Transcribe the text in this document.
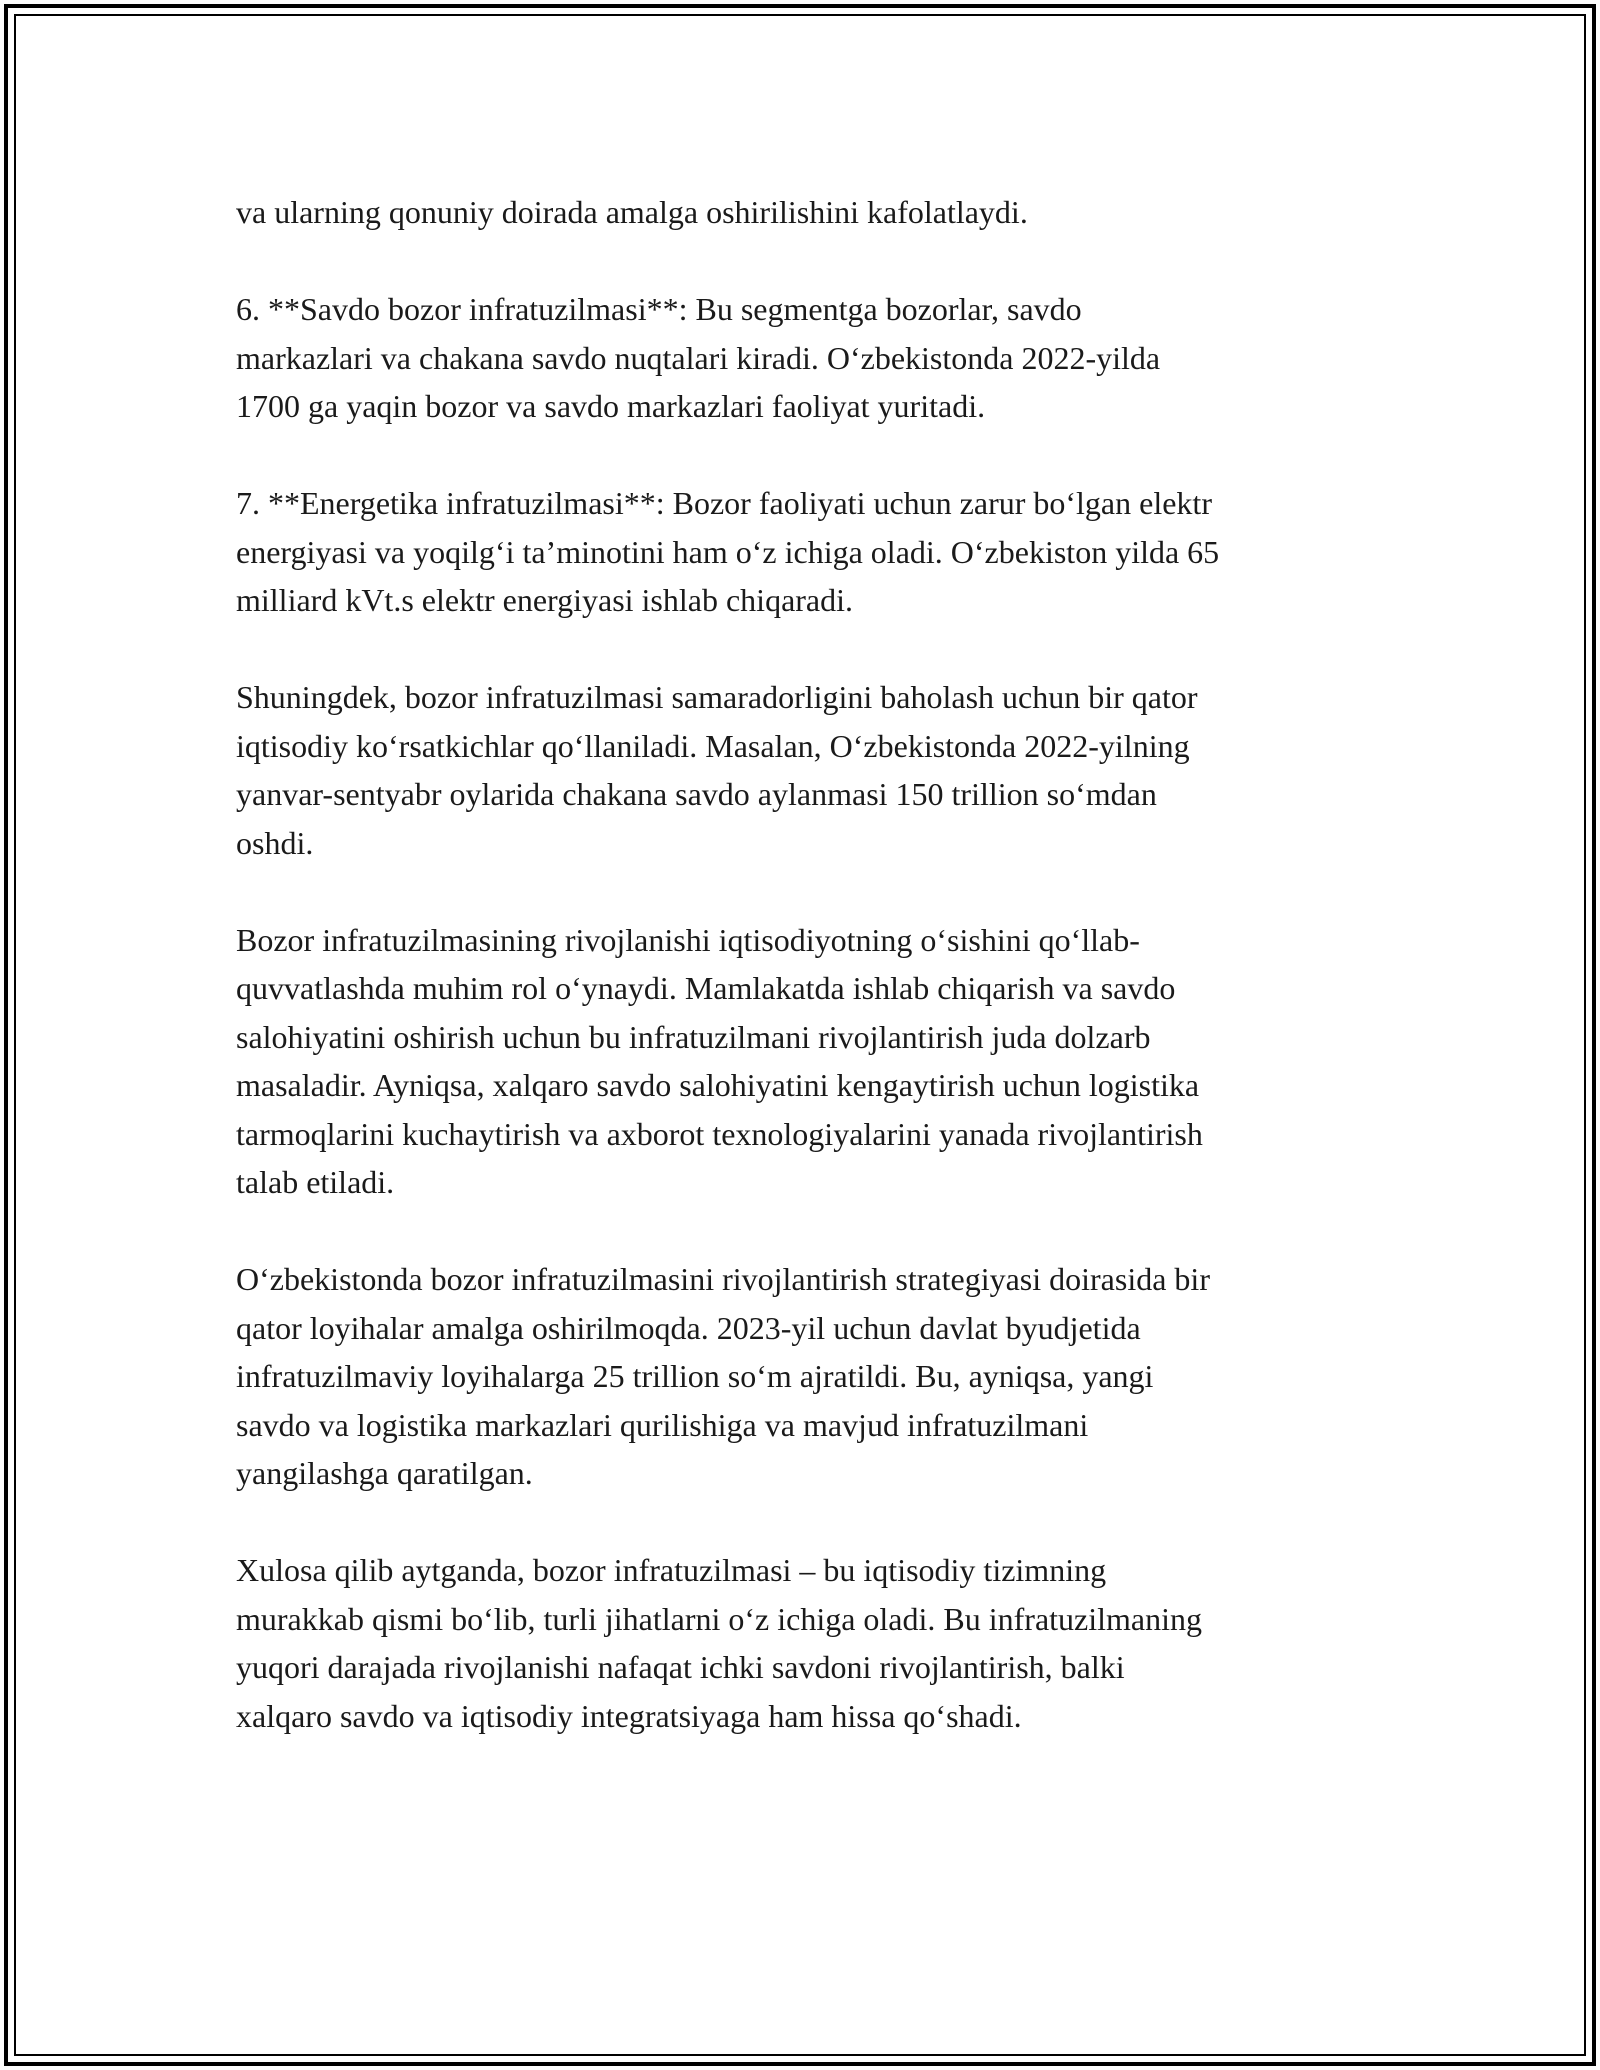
va ularning qonuniy doirada amalga oshirilishini kafolatlaydi.

6. **Savdo bozor infratuzilmasi**: Bu segmentga bozorlar, savdo
markazlari va chakana savdo nuqtalari kiradi. O‘zbekistonda 2022-yilda
1700 ga yaqin bozor va savdo markazlari faoliyat yuritadi.

7. **Energetika infratuzilmasi**: Bozor faoliyati uchun zarur bo‘lgan elektr
energiyasi va yoqilg‘i ta’minotini ham o‘z ichiga oladi. O‘zbekiston yilda 65
milliard kVt.s elektr energiyasi ishlab chiqaradi.

Shuningdek, bozor infratuzilmasi samaradorligini baholash uchun bir qator
iqtisodiy ko‘rsatkichlar qo‘llaniladi. Masalan, O‘zbekistonda 2022-yilning
yanvar-sentyabr oylarida chakana savdo aylanmasi 150 trillion so‘mdan
oshdi.

Bozor infratuzilmasining rivojlanishi iqtisodiyotning o‘sishini qo‘llab-
quvvatlashda muhim rol o‘ynaydi. Mamlakatda ishlab chiqarish va savdo
salohiyatini oshirish uchun bu infratuzilmani rivojlantirish juda dolzarb
masaladir. Ayniqsa, xalqaro savdo salohiyatini kengaytirish uchun logistika
tarmoqlarini kuchaytirish va axborot texnologiyalarini yanada rivojlantirish
talab etiladi.

O‘zbekistonda bozor infratuzilmasini rivojlantirish strategiyasi doirasida bir
qator loyihalar amalga oshirilmoqda. 2023-yil uchun davlat byudjetida
infratuzilmaviy loyihalarga 25 trillion so‘m ajratildi. Bu, ayniqsa, yangi
savdo va logistika markazlari qurilishiga va mavjud infratuzilmani
yangilashga qaratilgan.

Xulosa qilib aytganda, bozor infratuzilmasi – bu iqtisodiy tizimning
murakkab qismi bo‘lib, turli jihatlarni o‘z ichiga oladi. Bu infratuzilmaning
yuqori darajada rivojlanishi nafaqat ichki savdoni rivojlantirish, balki
xalqaro savdo va iqtisodiy integratsiyaga ham hissa qo‘shadi.
